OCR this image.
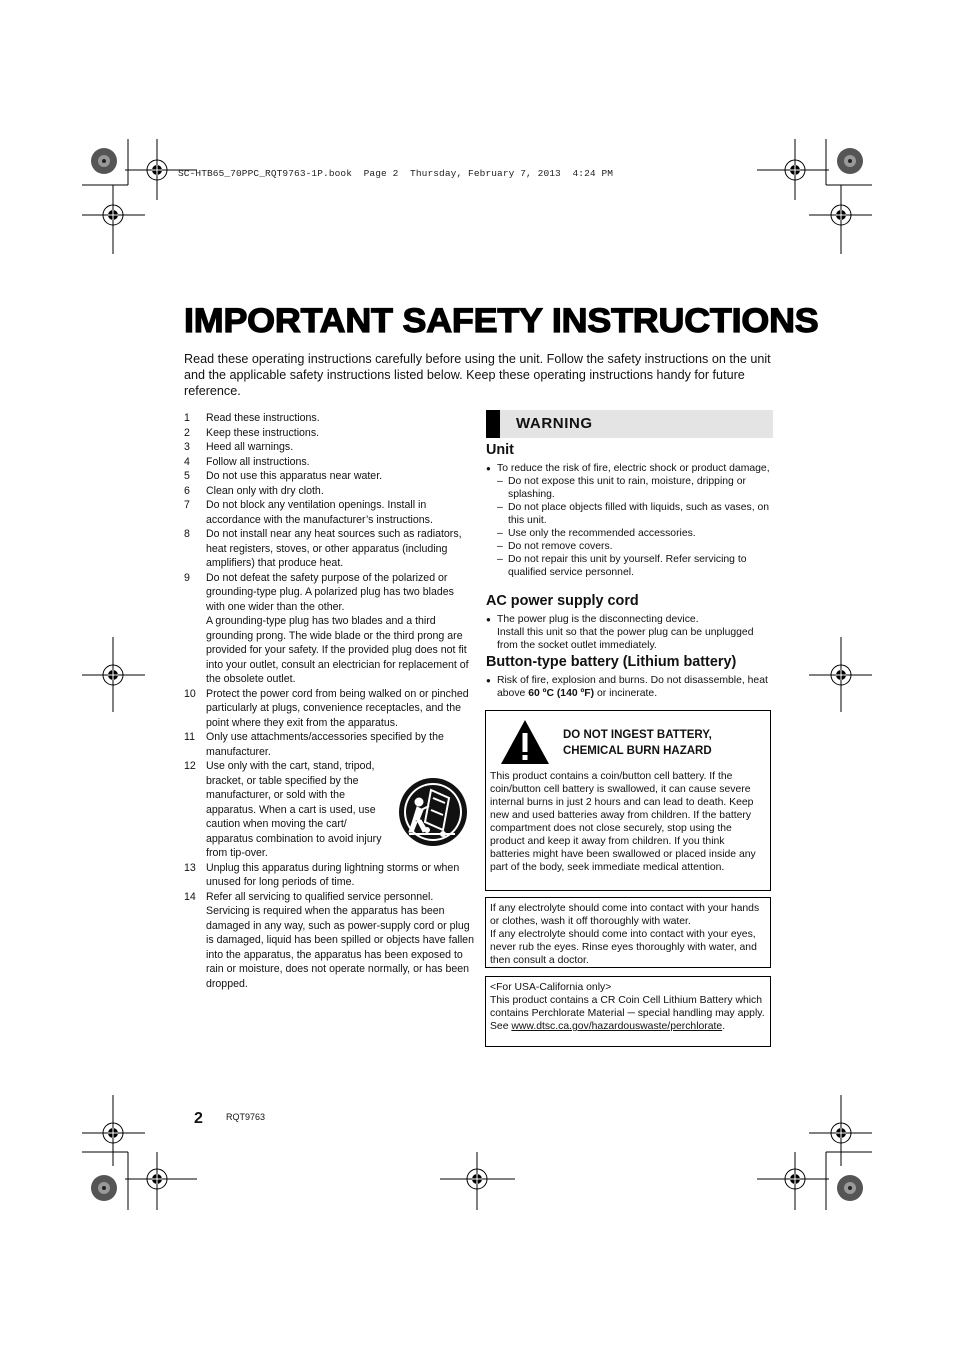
SC-HTB65_70PPC_RQT9763-1P.book  Page 2  Thursday, February 7, 2013  4:24 PM
IMPORTANT SAFETY INSTRUCTIONS
Read these operating instructions carefully before using the unit. Follow the safety instructions on the unit and the applicable safety instructions listed below. Keep these operating instructions handy for future reference.
1	Read these instructions.
2	Keep these instructions.
3	Heed all warnings.
4	Follow all instructions.
5	Do not use this apparatus near water.
6	Clean only with dry cloth.
7	Do not block any ventilation openings. Install in accordance with the manufacturer’s instructions.
8	Do not install near any heat sources such as radiators, heat registers, stoves, or other apparatus (including amplifiers) that produce heat.
9	Do not defeat the safety purpose of the polarized or grounding-type plug. A polarized plug has two blades with one wider than the other.

A grounding-type plug has two blades and a third grounding prong. The wide blade or the third prong are provided for your safety. If the provided plug does not fit into your outlet, consult an electrician for replacement of the obsolete outlet.

10 Protect the power cord from being walked on or pinched particularly at plugs, convenience receptacles, and the point where they exit from the apparatus.
11	Only use attachments/accessories specified by the manufacturer.
12 Use only with the cart, stand, tripod, bracket, or table specified by the manufacturer, or sold with the apparatus. When a cart is used, use caution when moving the cart/ apparatus combination to avoid injury from tip-over.
13 Unplug this apparatus during lightning storms or when unused for long periods of time.
14 Refer all servicing to qualified service personnel. Servicing is required when the apparatus has been damaged in any way, such as power-supply cord or plug is damaged, liquid has been spilled or objects have fallen into the apparatus, the apparatus has been exposed to rain or moisture, does not operate normally, or has been dropped.
WARNING
Unit
● To reduce the risk of fire, electric shock or product damage,
– Do not expose this unit to rain, moisture, dripping or splashing.
– Do not place objects filled with liquids, such as vases, on this unit.
– Use only the recommended accessories.
– Do not remove covers.
– Do not repair this unit by yourself. Refer servicing to qualified service personnel.
AC power supply cord
● The power plug is the disconnecting device.
Install this unit so that the power plug can be unplugged from the socket outlet immediately.
Button-type battery (Lithium battery)
● Risk of fire, explosion and burns. Do not disassemble, heat above 60 ºC (140 ºF) or incinerate.
DO NOT INGEST BATTERY,
CHEMICAL BURN HAZARD
This product contains a coin/button cell battery. If the coin/button cell battery is swallowed, it can cause severe internal burns in just 2 hours and can lead to death. Keep new and used batteries away from children. If the battery compartment does not close securely, stop using the product and keep it away from children. If you think batteries might have been swallowed or placed inside any part of the body, seek immediate medical attention.
If any electrolyte should come into contact with your hands or clothes, wash it off thoroughly with water.
If any electrolyte should come into contact with your eyes, never rub the eyes. Rinse eyes thoroughly with water, and then consult a doctor.
<For USA-California only>
This product contains a CR Coin Cell Lithium Battery which contains Perchlorate Material ─ special handling may apply.
See www.dtsc.ca.gov/hazardouswaste/perchlorate.
2	RQT9763
